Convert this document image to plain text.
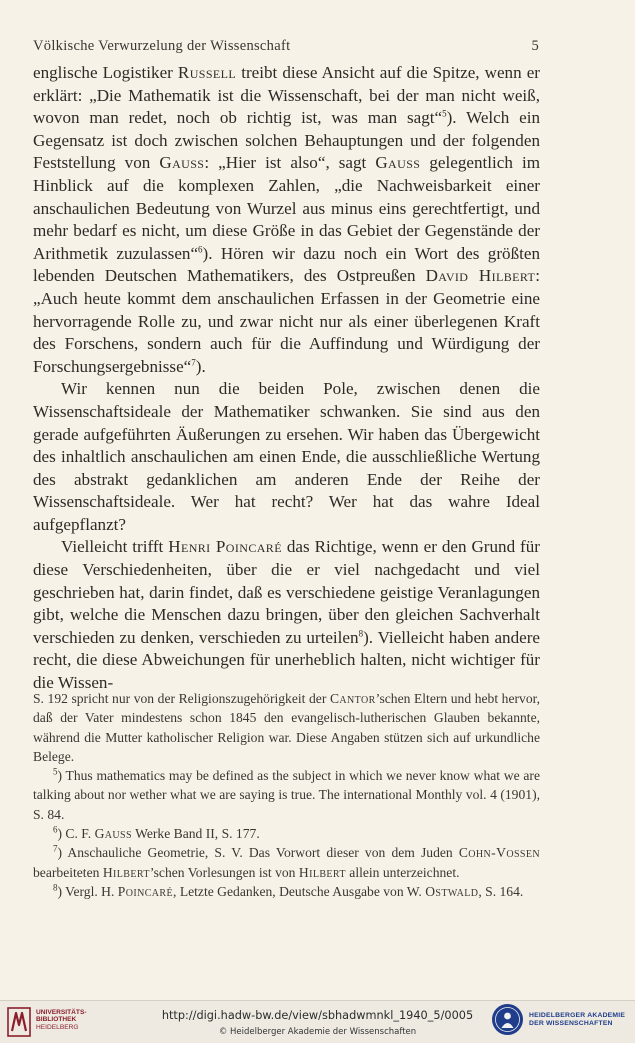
Völkische Verwurzelung der Wissenschaft	5

englische Logistiker Russell treibt diese Ansicht auf die Spitze, wenn er erklärt: „Die Mathematik ist die Wissenschaft, bei der man nicht weiß, wovon man redet, noch ob richtig ist, was man sagt“$^5$). Welch ein Gegensatz ist doch zwischen solchen Behauptungen und der folgenden Feststellung von Gauss: „Hier ist also“, sagt Gauss gelegentlich im Hinblick auf die komplexen Zahlen, „die Nachweisbarkeit einer anschaulichen Bedeutung von Wurzel aus minus eins gerechtfertigt, und mehr bedarf es nicht, um diese Größe in das Gebiet der Gegenstände der Arithmetik zuzulassen“$^6$). Hören wir dazu noch ein Wort des größten lebenden Deutschen Mathematikers, des Ostpreußen David Hilbert: „Auch heute kommt dem anschaulichen Erfassen in der Geometrie eine hervorragende Rolle zu, und zwar nicht nur als einer überlegenen Kraft des Forschens, sondern auch für die Auffindung und Würdigung der Forschungsergebnisse“$^7$).

Wir kennen nun die beiden Pole, zwischen denen die Wissenschaftsideale der Mathematiker schwanken. Sie sind aus den gerade aufgeführten Äußerungen zu ersehen. Wir haben das Übergewicht des inhaltlich anschaulichen am einen Ende, die ausschließliche Wertung des abstrakt gedanklichen am anderen Ende der Reihe der Wissenschaftsideale. Wer hat recht? Wer hat das wahre Ideal aufgepflanzt?

Vielleicht trifft Henri Poincaré das Richtige, wenn er den Grund für diese Verschiedenheiten, über die er viel nachgedacht und viel geschrieben hat, darin findet, daß es verschiedene geistige Veranlagungen gibt, welche die Menschen dazu bringen, über den gleichen Sachverhalt verschieden zu denken, verschieden zu urteilen$^8$). Vielleicht haben andere recht, die diese Abweichungen für unerheblich halten, nicht wichtiger für die Wissen-

S. 192 spricht nur von der Religionszugehörigkeit der Cantor’schen Eltern und hebt hervor, daß der Vater mindestens schon 1845 den evangelisch-lutherischen Glauben bekannte, während die Mutter katholischer Religion war. Diese Angaben stützen sich auf urkundliche Belege.

$^5$) Thus mathematics may be defined as the subject in which we never know what we are talking about nor wether what we are saying is true. The international Monthly vol. 4 (1901), S. 84.

$^6$) C. F. Gauss Werke Band II, S. 177.

$^7$) Anschauliche Geometrie, S. V. Das Vorwort dieser von dem Juden Cohn-Vossen bearbeiteten Hilbert’schen Vorlesungen ist von Hilbert allein unterzeichnet.

$^8$) Vergl. H. Poincaré, Letzte Gedanken, Deutsche Ausgabe von W. Ostwald, S. 164.

UNIVERSITÄTS-
BIBLIOTHEK
HEIDELBERG
http://digi.hadw-bw.de/view/sbhadwmnkl_1940_5/0005
© Heidelberger Akademie der Wissenschaften
HEIDELBERGER AKADEMIE
DER WISSENSCHAFTEN
